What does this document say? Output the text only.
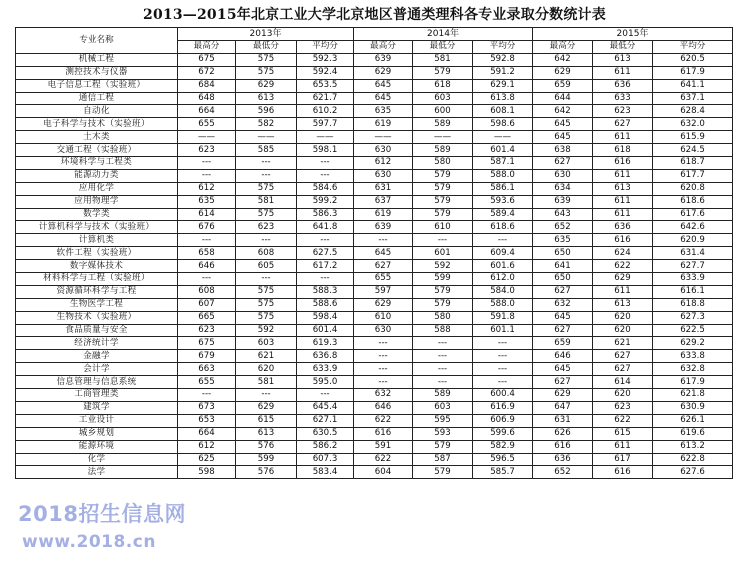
2013—2015年北京工业大学北京地区普通类理科各专业录取分数统计表
专业名称	2013年			2014年			2015年		
	最高分	最低分	平均分	最高分	最低分	平均分	最高分	最低分	平均分
机械工程	675	575	592.3	639	581	592.8	642	613	620.5
测控技术与仪器	672	575	592.4	629	579	591.2	629	611	617.9
电子信息工程（实验班）	684	629	653.5	645	618	629.1	659	636	641.1
通信工程	648	613	621.7	645	603	613.8	644	633	637.1
自动化	664	596	610.2	635	600	608.1	642	623	628.4
电子科学与技术（实验班）	655	582	597.7	619	589	598.6	645	627	632.0
土木类	——	——	——	——	——	——	645	611	615.9
交通工程（实验班）	623	585	598.1	630	589	601.4	638	618	624.5
环境科学与工程类	---	---	---	612	580	587.1	627	616	618.7
能源动力类	---	---	---	630	579	588.0	630	611	617.7
应用化学	612	575	584.6	631	579	586.1	634	613	620.8
应用物理学	635	581	599.2	637	579	593.6	639	611	618.6
数学类	614	575	586.3	619	579	589.4	643	611	617.6
计算机科学与技术（实验班）	676	623	641.8	639	610	618.6	652	636	642.6
计算机类	---	---	---	---	---	---	635	616	620.9
软件工程（实验班）	658	608	627.5	645	601	609.4	650	624	631.4
数字媒体技术	646	605	617.2	627	592	601.6	641	622	627.7
材料科学与工程（实验班）	---	---	---	655	599	612.0	650	629	633.9
资源循环科学与工程	608	575	588.3	597	579	584.0	627	611	616.1
生物医学工程	607	575	588.6	629	579	588.0	632	613	618.8
生物技术（实验班）	665	575	598.4	610	580	591.8	645	620	627.3
食品质量与安全	623	592	601.4	630	588	601.1	627	620	622.5
经济统计学	675	603	619.3	---	---	---	659	621	629.2
金融学	679	621	636.8	---	---	---	646	627	633.8
会计学	663	620	633.9	---	---	---	645	627	632.8
信息管理与信息系统	655	581	595.0	---	---	---	627	614	617.9
工商管理类	---	---	---	632	589	600.4	629	620	621.8
建筑学	673	629	645.4	646	603	616.9	647	623	630.9
工业设计	653	615	627.1	622	595	606.9	631	622	626.1
城乡规划	664	613	630.5	616	593	599.6	626	615	619.6
能源环境	612	576	586.2	591	579	582.9	616	611	613.2
化学	625	599	607.3	622	587	596.5	636	617	622.8
法学	598	576	583.4	604	579	585.7	652	616	627.6
2018招生信息网
www.2018.cn
